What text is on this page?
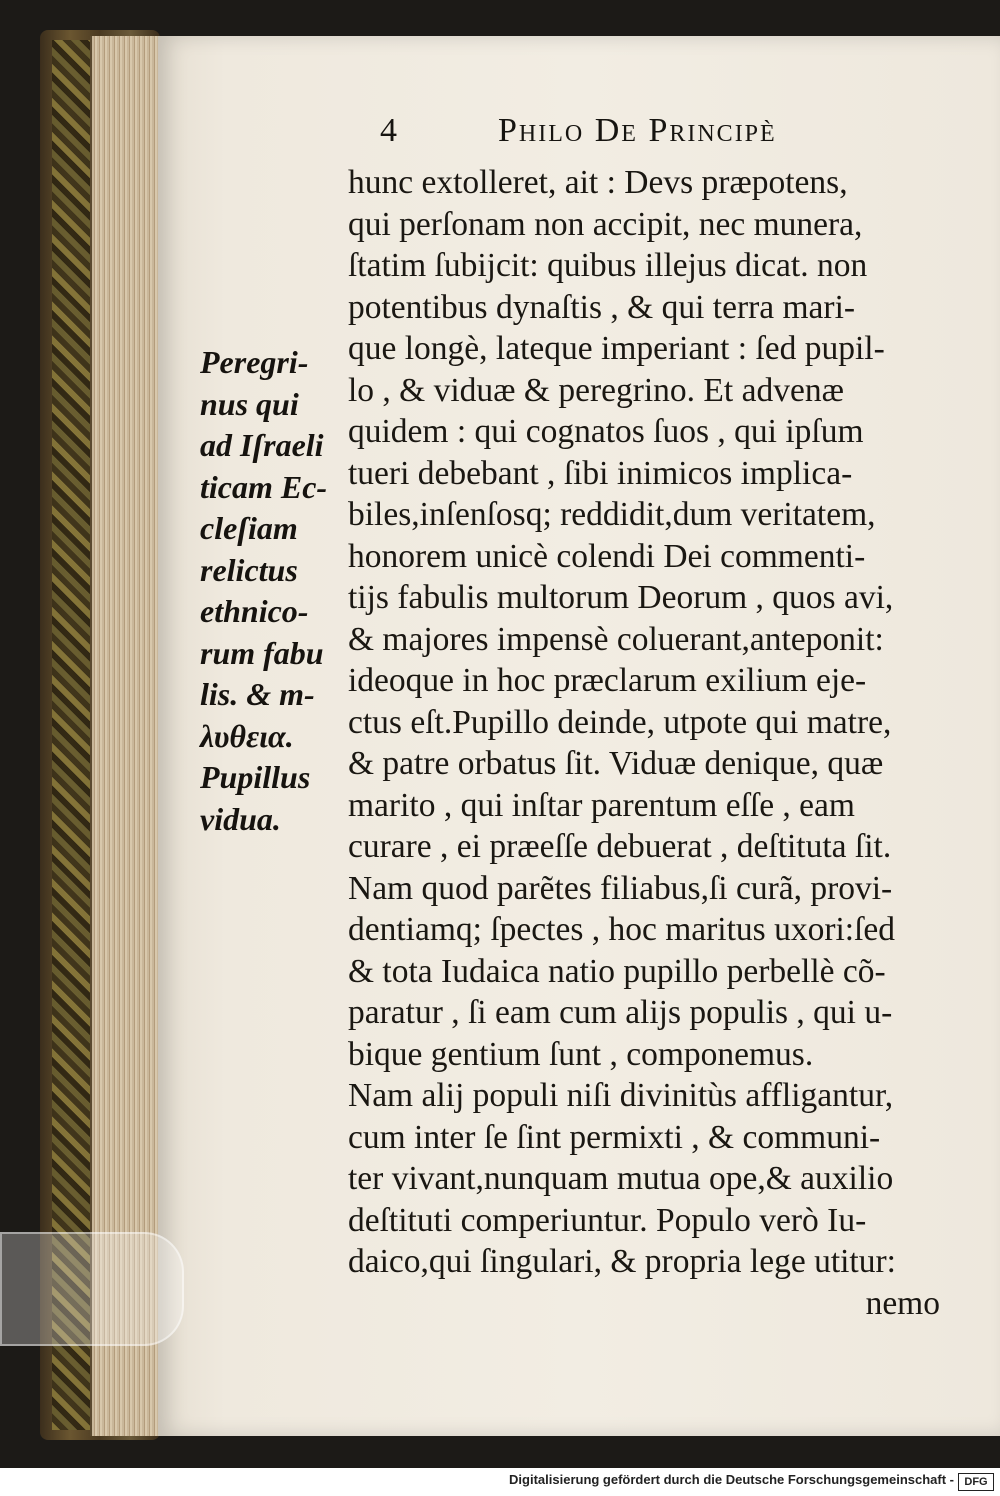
4	Philo De Principè
hunc extolleret, ait : Devs præpotens,
qui perſonam non accipit, nec munera,
ſtatim ſubijcit: quibus illejus dicat. non
potentibus dynaſtis , & qui terra mari-
que longè, lateque imperiant : ſed pupil-
lo , & viduæ & peregrino. Et advenæ
quidem : qui cognatos ſuos , qui ipſum
tueri debebant , ſibi inimicos implica-
biles,inſenſosq; reddidit,dum veritatem,
honorem unicè colendi Dei commenti-
tijs fabulis multorum Deorum , quos avi,
& majores impensè coluerant,anteponit:
ideoque in hoc præclarum exilium eje-
ctus eſt.Pupillo deinde, utpote qui matre,
& patre orbatus ſit. Viduæ denique, quæ
marito , qui inſtar parentum eſſe , eam
curare , ei præeſſe debuerat , deſtituta ſit.
Nam quod parẽtes filiabus,ſi curã, provi-
dentiamq; ſpectes , hoc maritus uxori:ſed
& tota Iudaica natio pupillo perbellè cõ-
paratur , ſi eam cum alijs populis , qui u-
bique gentium ſunt , componemus.
Nam alij populi niſi divinitùs affligantur,
cum inter ſe ſint permixti , & communi-
ter vivant,nunquam mutua ope,& auxilio
deſtituti comperiuntur. Populo verò Iu-
daico,qui ſingulari, & propria lege utitur:
nemo
Peregri-
nus qui
ad Iſraeli
ticam Ec-
cleſiam
relictus
ethnico-
rum fabu
lis. & m-
λυθεια.
Pupillus
vidua.
Digitalisierung gefördert durch die Deutsche Forschungsgemeinschaft - DFG
